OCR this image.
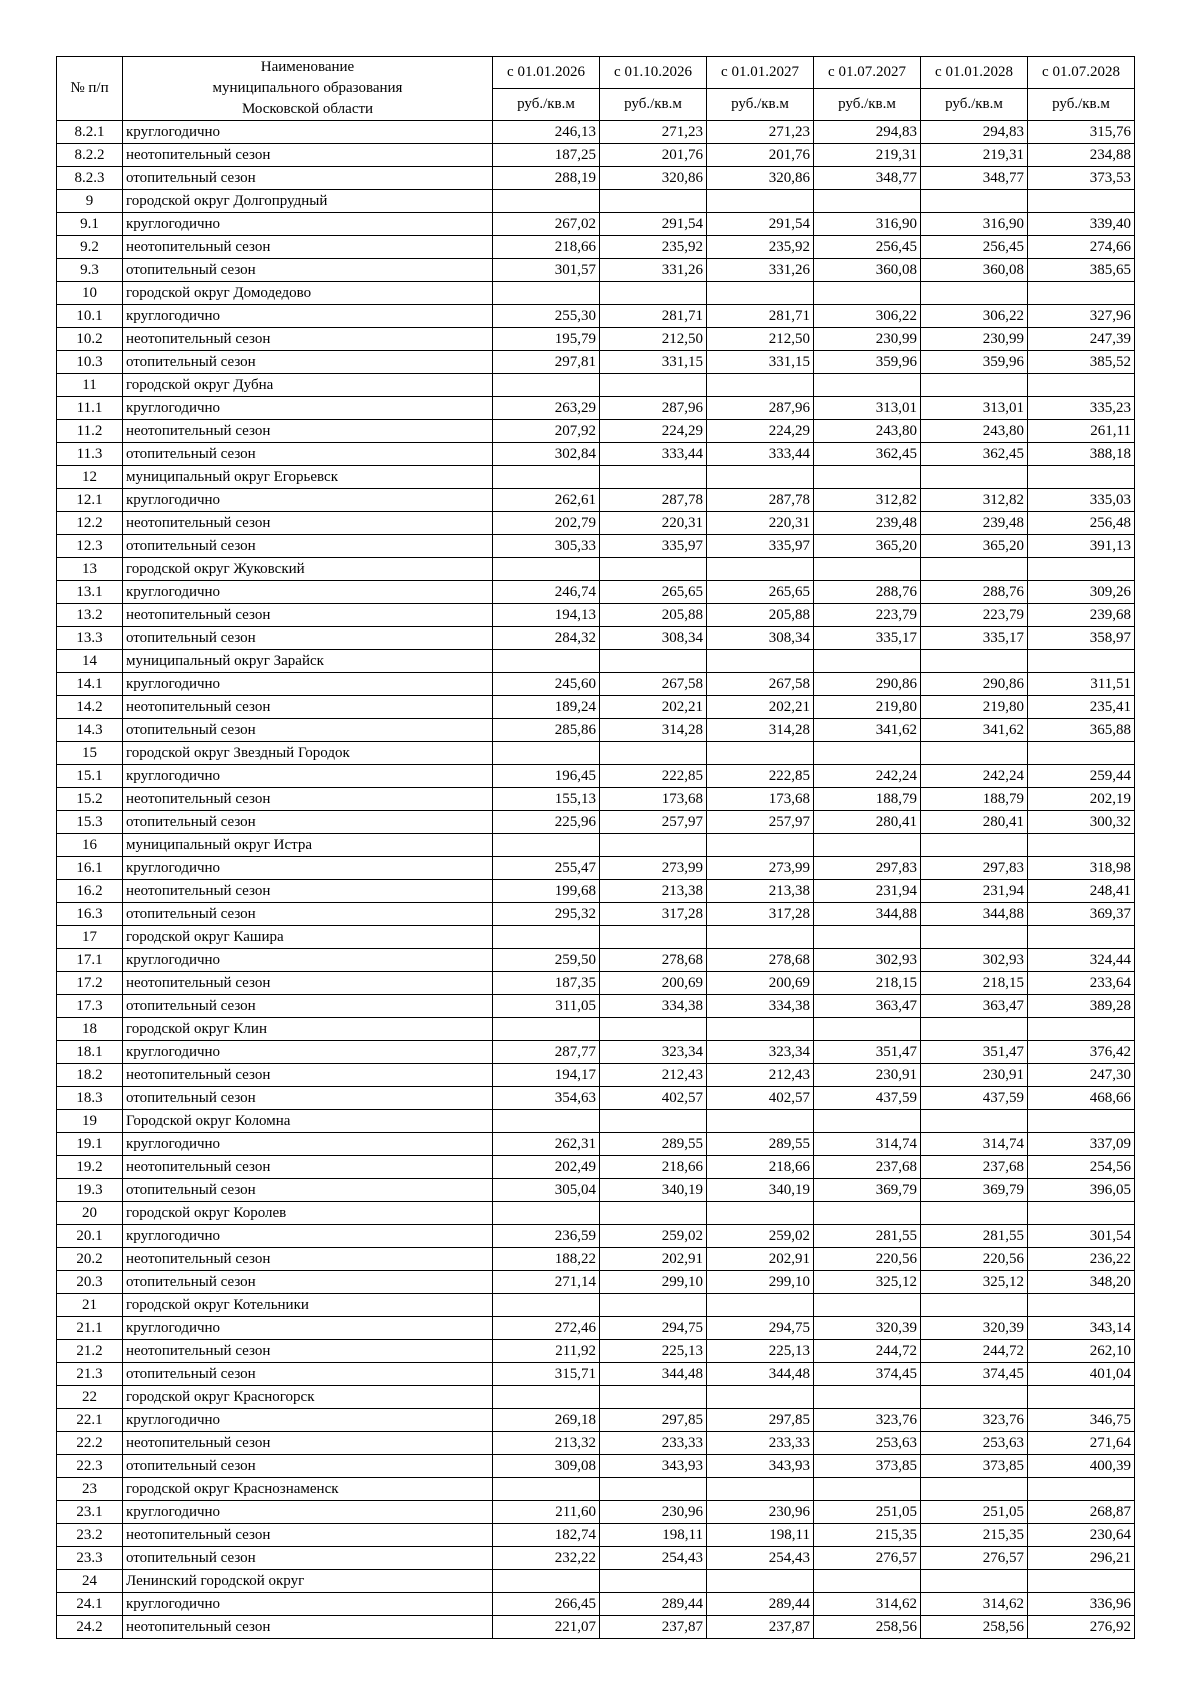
№ п/п	Наименование
муниципального образования
Московской области	с 01.01.2026	с 01.10.2026	с 01.01.2027	с 01.07.2027	с 01.01.2028	с 01.07.2028
		руб./кв.м	руб./кв.м	руб./кв.м	руб./кв.м	руб./кв.м	руб./кв.м
8.2.1	круглогодично	246,13	271,23	271,23	294,83	294,83	315,76
8.2.2	неотопительный сезон	187,25	201,76	201,76	219,31	219,31	234,88
8.2.3	отопительный сезон	288,19	320,86	320,86	348,77	348,77	373,53
9	городской округ Долгопрудный						
9.1	круглогодично	267,02	291,54	291,54	316,90	316,90	339,40
9.2	неотопительный сезон	218,66	235,92	235,92	256,45	256,45	274,66
9.3	отопительный сезон	301,57	331,26	331,26	360,08	360,08	385,65
10	городской округ Домодедово						
10.1	круглогодично	255,30	281,71	281,71	306,22	306,22	327,96
10.2	неотопительный сезон	195,79	212,50	212,50	230,99	230,99	247,39
10.3	отопительный сезон	297,81	331,15	331,15	359,96	359,96	385,52
11	городской округ Дубна						
11.1	круглогодично	263,29	287,96	287,96	313,01	313,01	335,23
11.2	неотопительный сезон	207,92	224,29	224,29	243,80	243,80	261,11
11.3	отопительный сезон	302,84	333,44	333,44	362,45	362,45	388,18
12	муниципальный округ Егорьевск						
12.1	круглогодично	262,61	287,78	287,78	312,82	312,82	335,03
12.2	неотопительный сезон	202,79	220,31	220,31	239,48	239,48	256,48
12.3	отопительный сезон	305,33	335,97	335,97	365,20	365,20	391,13
13	городской округ Жуковский						
13.1	круглогодично	246,74	265,65	265,65	288,76	288,76	309,26
13.2	неотопительный сезон	194,13	205,88	205,88	223,79	223,79	239,68
13.3	отопительный сезон	284,32	308,34	308,34	335,17	335,17	358,97
14	муниципальный округ Зарайск						
14.1	круглогодично	245,60	267,58	267,58	290,86	290,86	311,51
14.2	неотопительный сезон	189,24	202,21	202,21	219,80	219,80	235,41
14.3	отопительный сезон	285,86	314,28	314,28	341,62	341,62	365,88
15	городской округ Звездный Городок						
15.1	круглогодично	196,45	222,85	222,85	242,24	242,24	259,44
15.2	неотопительный сезон	155,13	173,68	173,68	188,79	188,79	202,19
15.3	отопительный сезон	225,96	257,97	257,97	280,41	280,41	300,32
16	муниципальный округ Истра						
16.1	круглогодично	255,47	273,99	273,99	297,83	297,83	318,98
16.2	неотопительный сезон	199,68	213,38	213,38	231,94	231,94	248,41
16.3	отопительный сезон	295,32	317,28	317,28	344,88	344,88	369,37
17	городской округ Кашира						
17.1	круглогодично	259,50	278,68	278,68	302,93	302,93	324,44
17.2	неотопительный сезон	187,35	200,69	200,69	218,15	218,15	233,64
17.3	отопительный сезон	311,05	334,38	334,38	363,47	363,47	389,28
18	городской округ Клин						
18.1	круглогодично	287,77	323,34	323,34	351,47	351,47	376,42
18.2	неотопительный сезон	194,17	212,43	212,43	230,91	230,91	247,30
18.3	отопительный сезон	354,63	402,57	402,57	437,59	437,59	468,66
19	Городской округ Коломна						
19.1	круглогодично	262,31	289,55	289,55	314,74	314,74	337,09
19.2	неотопительный сезон	202,49	218,66	218,66	237,68	237,68	254,56
19.3	отопительный сезон	305,04	340,19	340,19	369,79	369,79	396,05
20	городской округ Королев						
20.1	круглогодично	236,59	259,02	259,02	281,55	281,55	301,54
20.2	неотопительный сезон	188,22	202,91	202,91	220,56	220,56	236,22
20.3	отопительный сезон	271,14	299,10	299,10	325,12	325,12	348,20
21	городской округ Котельники						
21.1	круглогодично	272,46	294,75	294,75	320,39	320,39	343,14
21.2	неотопительный сезон	211,92	225,13	225,13	244,72	244,72	262,10
21.3	отопительный сезон	315,71	344,48	344,48	374,45	374,45	401,04
22	городской округ Красногорск						
22.1	круглогодично	269,18	297,85	297,85	323,76	323,76	346,75
22.2	неотопительный сезон	213,32	233,33	233,33	253,63	253,63	271,64
22.3	отопительный сезон	309,08	343,93	343,93	373,85	373,85	400,39
23	городской округ Краснознаменск						
23.1	круглогодично	211,60	230,96	230,96	251,05	251,05	268,87
23.2	неотопительный сезон	182,74	198,11	198,11	215,35	215,35	230,64
23.3	отопительный сезон	232,22	254,43	254,43	276,57	276,57	296,21
24	Ленинский городской округ						
24.1	круглогодично	266,45	289,44	289,44	314,62	314,62	336,96
24.2	неотопительный сезон	221,07	237,87	237,87	258,56	258,56	276,92
